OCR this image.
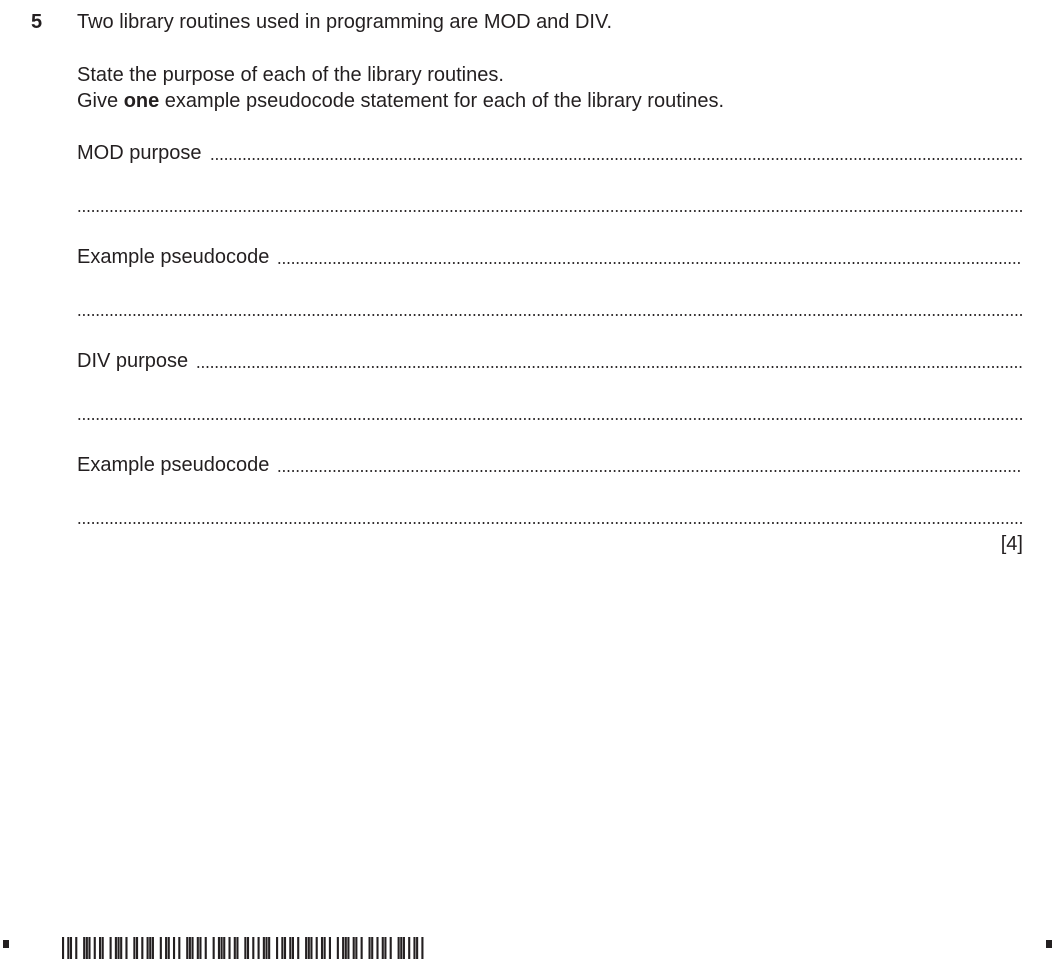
5 Two library routines used in programming are MOD and DIV.
State the purpose of each of the library routines.
Give one example pseudocode statement for each of the library routines.
MOD purpose
Example pseudocode
DIV purpose
Example pseudocode
[4]
